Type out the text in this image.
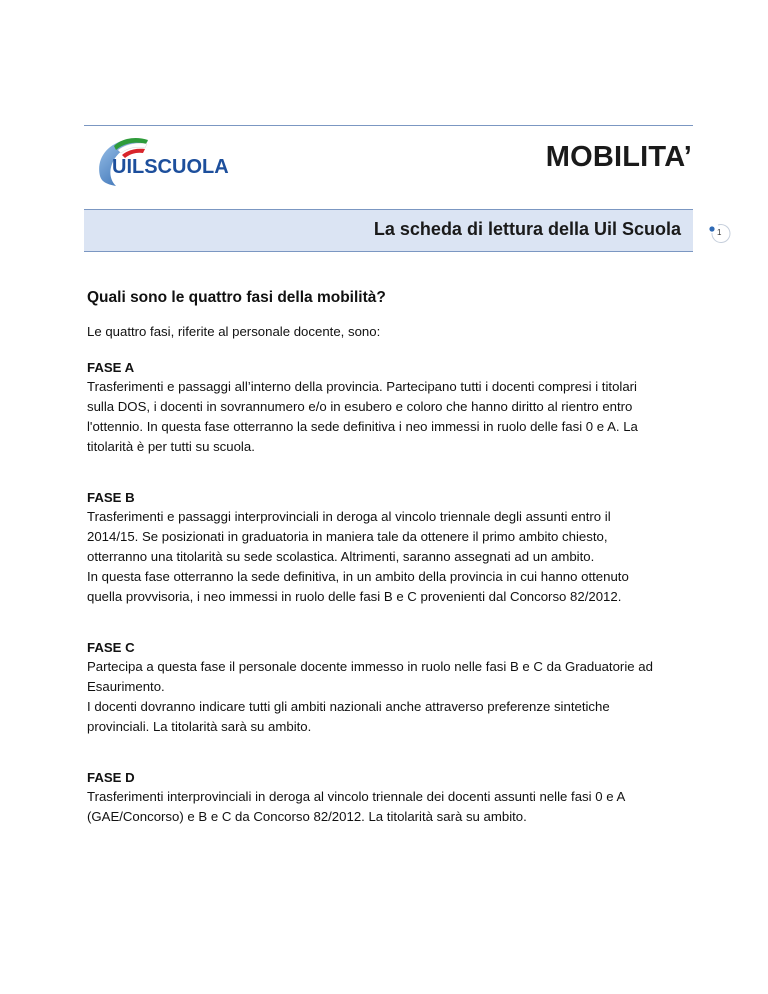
UILSCUOLA	MOBILITA’
La scheda di lettura della Uil Scuola	1

Quali sono le quattro fasi della mobilità?

Le quattro fasi, riferite al personale docente, sono:

FASE A

Trasferimenti e passaggi all’interno della provincia. Partecipano tutti i docenti compresi i titolari

sulla DOS, i docenti in sovrannumero e/o in esubero e coloro che hanno diritto al rientro entro

l'ottennio. In questa fase otterranno la sede definitiva i neo immessi in ruolo delle fasi 0 e A. La

titolarità è per tutti su scuola.

FASE B

Trasferimenti e passaggi interprovinciali in deroga al vincolo triennale degli assunti entro il

2014/15. Se posizionati in graduatoria in maniera tale da ottenere il primo ambito chiesto,

otterranno una titolarità su sede scolastica. Altrimenti, saranno assegnati ad un ambito.

In questa fase otterranno la sede definitiva, in un ambito della provincia in cui hanno ottenuto

quella provvisoria, i neo immessi in ruolo delle fasi B e C provenienti dal Concorso 82/2012.

FASE C

Partecipa a questa fase il personale docente immesso in ruolo nelle fasi B e C da Graduatorie ad

Esaurimento.

I docenti dovranno indicare tutti gli ambiti nazionali anche attraverso preferenze sintetiche

provinciali. La titolarità sarà su ambito.

FASE D

Trasferimenti interprovinciali in deroga al vincolo triennale dei docenti assunti nelle fasi 0 e A

(GAE/Concorso) e B e C da Concorso 82/2012. La titolarità sarà su ambito.
